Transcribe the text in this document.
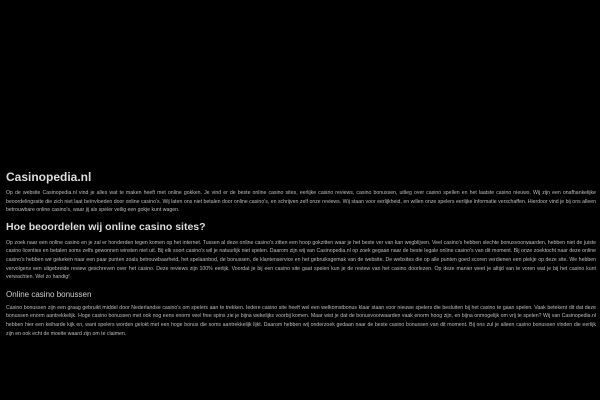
Casinopedia.nl

Op de website Casinopedia.nl vind je alles wat te maken heeft met online gokken. Je vind er de beste online casino sites, eerlijke casino reviews, casino bonussen, uitleg over casino spellen en het laatste casino nieuws. Wij zijn een onafhankelijke beoordelingssite die zich niet laat beïnvloeden door online casino's. Wij laten ons niet betalen door online casino's, en schrijven zelf onze reviews. Wij staan voor eerlijkheid, en willen onze spelers eerlijke informatie verschaffen. Hierdoor vind je bij ons alleen betrouwbare online casino's, waar jij als speler veilig een gokje kunt wagen.

Hoe beoordelen wij online casino sites?

Op zoek naar een online casino en je zal er honderden tegen komen op het internet. Tussen al deze online casino's zitten een hoop gokzitten waar je het beste ver van kan wegblijven. Veel casino's hebben slechte bonusvoorwaarden, hebben niet de juiste casino licenties en betalen soms zelfs gewonnen winsten niet uit. Bij elk soort casino's wil je natuurlijk niet spelen. Daarom zijn wij van Casinopedia.nl op zoek gegaan naar de beste legale online casino's van dit moment. Bij onze zoektocht naar deze online casino's hebben we gekeken naar een paar punten zoals betrouwbaarheid, het spelaanbod, de bonussen, de klantenservice en het gebruiksgemak van de website. De websites die op alle punten goed scoren verdienen een plekje op deze site. We hebben vervolgens een uitgebreide review geschreven over het casino. Deze reviews zijn 100% eerlijk. Voordat je bij een casino site gaat spelen kun je de review van het casino doorlezen. Op deze manier weet je altijd van te voren wat je bij het casino kunt verwachten. Wel zo handig!

Online casino bonussen

Casino bonussen zijn een graag gebruikt middel door Nederlandse casino's om spelers aan te trekken. Iedere casino site heeft wel een welkomstbonus klaar staan voor nieuwe spelers die besluiten bij het casino te gaan spelen. Vaak betekent dit dat deze bonussen enorm aantrekkelijk. Hoge casino bonussen met ook nog eens enorm veel free spins zie je bijna wekelijks voorbij komen. Maar wist je dat de bonusvoorwaarden vaak enorm hoog zijn, en bijna onmogelijk om vrij te spelen? Wij van Casinopedia.nl hebben hier een keiharde kijk en, want spelers worden gelokt met een hoge bonus die soms aantrekkelijk lijkt. Daarom hebben wij onderzoek gedaan naar de beste casino bonussen van dit moment. Bij ons zul je alleen casino bonussen vinden die eerlijk zijn en ook echt de moeite waard zijn om te claimen.
